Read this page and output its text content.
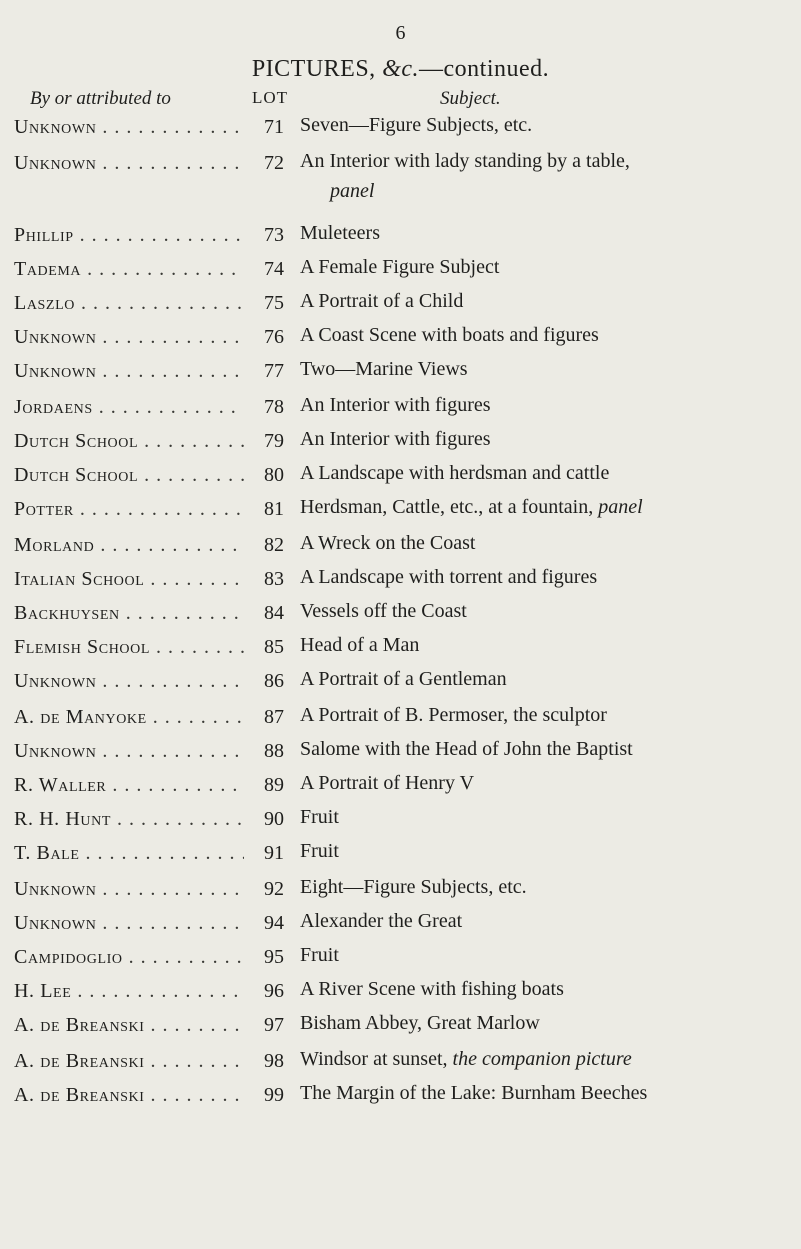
6
PICTURES, &c.—continued.
By or attributed to	LOT	Subject.
Unknown . . .	71 Seven—Figure Subjects, etc.
Unknown . . .	72 An Interior with lady standing by a table,
panel
Phillip . . .	73 Muleteers
Tadema . . .	74 A Female Figure Subject
Laszlo . . .	75 A Portrait of a Child
Unknown . . .	76 A Coast Scene with boats and figures
Unknown . . .	77 Two—Marine Views
Jordaens . . .	78 An Interior with figures
Dutch School . . .	79 An Interior with figures
Dutch School . . .	80 A Landscape with herdsman and cattle
Potter . . .	81 Herdsman, Cattle, etc., at a fountain, panel
Morland . . .	82 A Wreck on the Coast
Italian School . . .	83 A Landscape with torrent and figures
Backhuysen . . .	84 Vessels off the Coast
Flemish School . . .	85 Head of a Man
Unknown . . .	86 A Portrait of a Gentleman
A. de Manyoke . . .	87 A Portrait of B. Permoser, the sculptor
Unknown . . .	88 Salome with the Head of John the Baptist
R. Waller . . .	89 A Portrait of Henry V
R. H. Hunt . . .	90 Fruit
T. Bale . . .	91 Fruit
Unknown . . .	92 Eight—Figure Subjects, etc.
Unknown . . .	94 Alexander the Great
Campidoglio . . .	95 Fruit
H. Lee . . .	96 A River Scene with fishing boats
A. de Breanski . . .	97 Bisham Abbey, Great Marlow
A. de Breanski . . .	98 Windsor at sunset, the companion picture
A. de Breanski . . .	99 The Margin of the Lake: Burnham Beeches
